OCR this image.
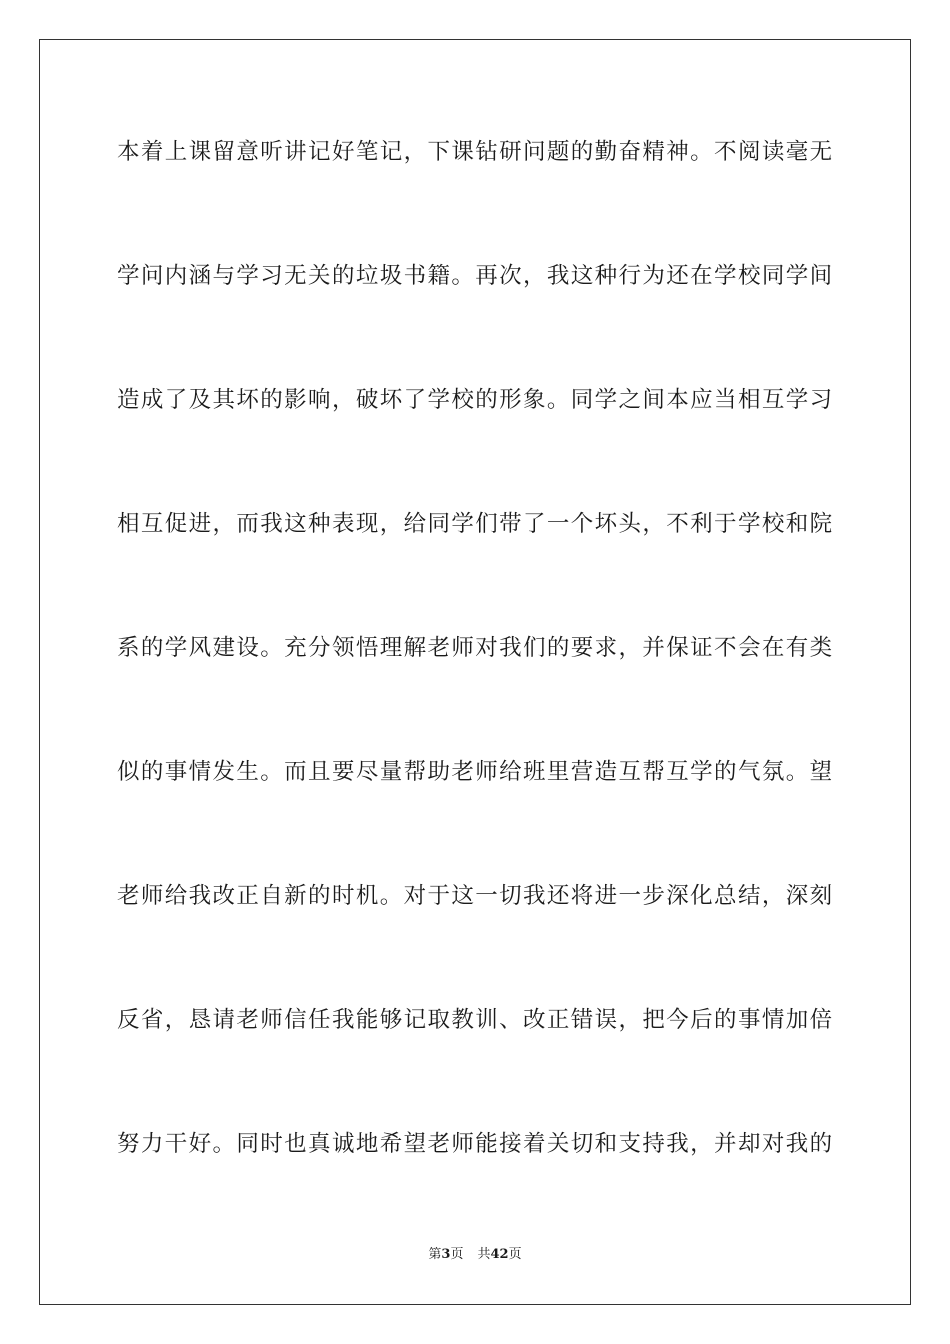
本着上课留意听讲记好笔记，下课钻研问题的勤奋精神。不阅读毫无
学问内涵与学习无关的垃圾书籍。再次，我这种行为还在学校同学间
造成了及其坏的影响，破坏了学校的形象。同学之间本应当相互学习
相互促进，而我这种表现，给同学们带了一个坏头，不利于学校和院
系的学风建设。充分领悟理解老师对我们的要求，并保证不会在有类
似的事情发生。而且要尽量帮助老师给班里营造互帮互学的气氛。望
老师给我改正自新的时机。对于这一切我还将进一步深化总结，深刻
反省，恳请老师信任我能够记取教训、改正错误，把今后的事情加倍
努力干好。同时也真诚地希望老师能接着关切和支持我，并却对我的
第3页 共42页
